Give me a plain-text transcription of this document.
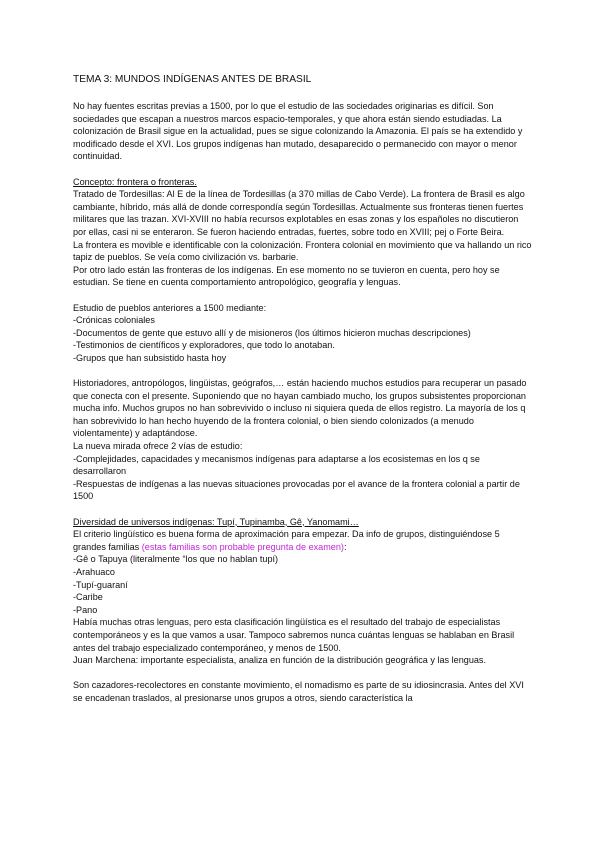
TEMA 3: MUNDOS INDÍGENAS ANTES DE BRASIL

No hay fuentes escritas previas a 1500, por lo que el estudio de las sociedades originarias es difícil. Son sociedades que escapan a nuestros marcos espacio-temporales, y que ahora están siendo estudiadas. La colonización de Brasil sigue en la actualidad, pues se sigue colonizando la Amazonia. El país se ha extendido y modificado desde el XVI. Los grupos indígenas han mutado, desaparecido o permanecido con mayor o menor continuidad.

Concepto: frontera o fronteras.

Tratado de Tordesillas: Al E de la línea de Tordesillas (a 370 millas de Cabo Verde). La frontera de Brasil es algo cambiante, híbrido, más allá de donde correspondía según Tordesillas. Actualmente sus fronteras tienen fuertes militares que las trazan. XVI-XVIII no había recursos explotables en esas zonas y los españoles no discutieron por ellas, casi ni se enteraron. Se fueron haciendo entradas, fuertes, sobre todo en XVIII; pej o Forte Beira.

La frontera es movible e identificable con la colonización. Frontera colonial en movimiento que va hallando un rico tapiz de pueblos. Se veía como civilización vs. barbarie.

Por otro lado están las fronteras de los indígenas. En ese momento no se tuvieron en cuenta, pero hoy se estudian. Se tiene en cuenta comportamiento antropológico, geografía y lenguas.

Estudio de pueblos anteriores a 1500 mediante:

-Crónicas coloniales

-Documentos de gente que estuvo allí y de misioneros (los últimos hicieron muchas descripciones)

-Testimonios de científicos y exploradores, que todo lo anotaban.

-Grupos que han subsistido hasta hoy

Historiadores, antropólogos, lingüistas, geógrafos,… están haciendo muchos estudios para recuperar un pasado que conecta con el presente. Suponiendo que no hayan cambiado mucho, los grupos subsistentes proporcionan mucha info. Muchos grupos no han sobrevivido o incluso ni siquiera queda de ellos registro. La mayoría de los q han sobrevivido lo han hecho huyendo de la frontera colonial, o bien siendo colonizados (a menudo violentamente) y adaptándose.

La nueva mirada ofrece 2 vías de estudio:

-Complejidades, capacidades y mecanismos indígenas para adaptarse a los ecosistemas en los q se desarrollaron

-Respuestas de indígenas a las nuevas situaciones provocadas por el avance de la frontera colonial a partir de 1500

Diversidad de universos indígenas: Tupí, Tupinamba, Gê, Yanomami…

El criterio lingüístico es buena forma de aproximación para empezar. Da info de grupos, distinguiéndose 5 grandes familias (estas familias son probable pregunta de examen):

-Gê o Tapuya (literalmente “los que no hablan tupí)

-Arahuaco

-Tupí-guaraní

-Caribe

-Pano

Había muchas otras lenguas, pero esta clasificación lingüística es el resultado del trabajo de especialistas contemporáneos y es la que vamos a usar. Tampoco sabremos nunca cuántas lenguas se hablaban en Brasil antes del trabajo especializado contemporáneo, y menos de 1500.

Juan Marchena: importante especialista, analiza en función de la distribución geográfica y las lenguas.

Son cazadores-recolectores en constante movimiento, el nomadismo es parte de su idiosincrasia. Antes del XVI se encadenan traslados, al presionarse unos grupos a otros, siendo característica la
